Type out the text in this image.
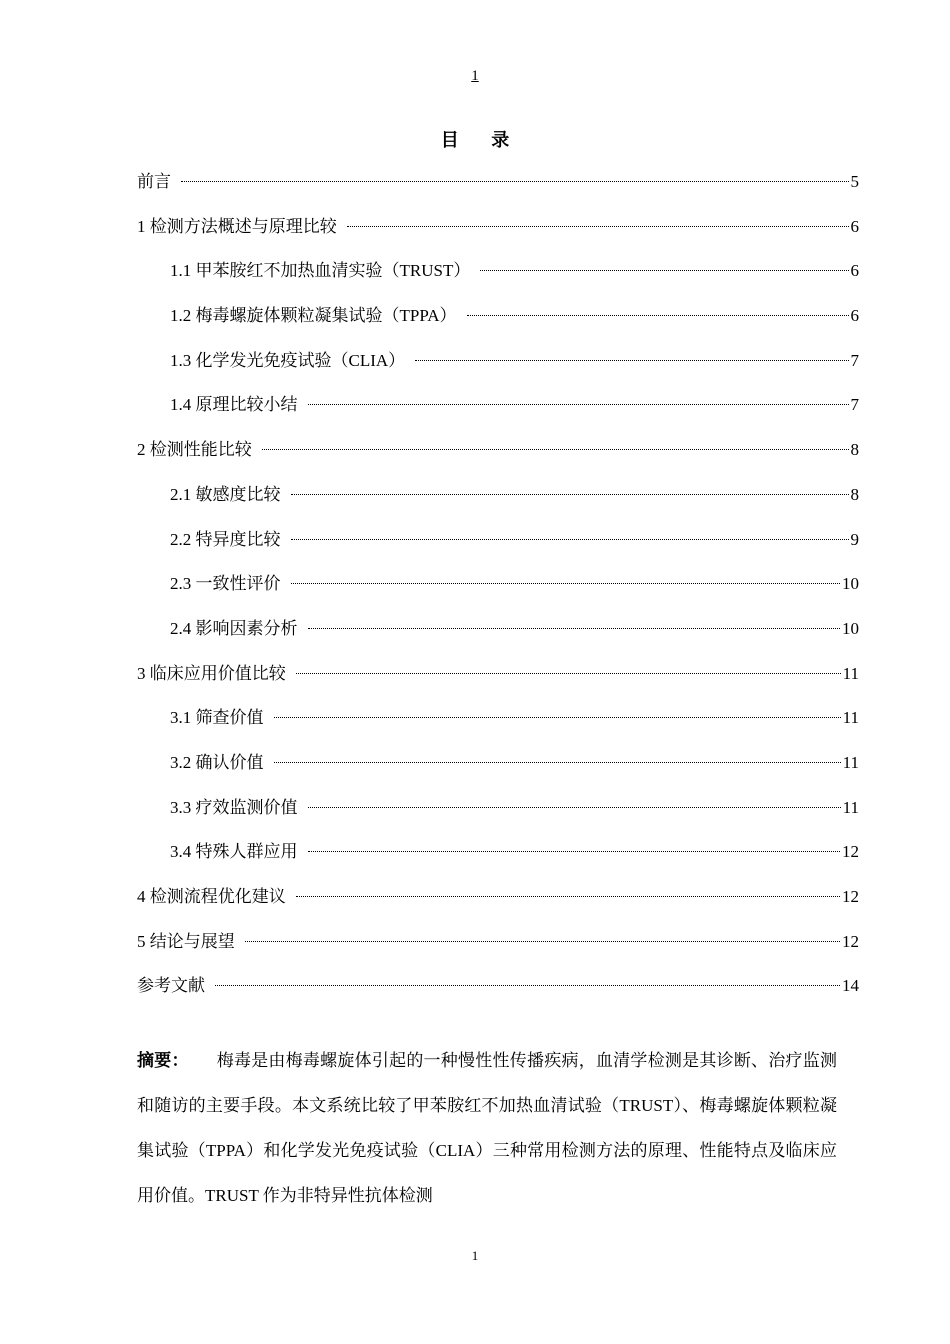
1
目 录
前言	5
1 检测方法概述与原理比较	6
1.1 甲苯胺红不加热血清实验（TRUST）	6
1.2 梅毒螺旋体颗粒凝集试验（TPPA）	6
1.3 化学发光免疫试验（CLIA）	7
1.4 原理比较小结	7
2 检测性能比较	8
2.1 敏感度比较	8
2.2 特异度比较	9
2.3 一致性评价	10
2.4 影响因素分析	10
3 临床应用价值比较	11
3.1 筛查价值	11
3.2 确认价值	11
3.3 疗效监测价值	11
3.4 特殊人群应用	12
4 检测流程优化建议	12
5 结论与展望	12
参考文献	14
摘要： 梅毒是由梅毒螺旋体引起的一种慢性性传播疾病，血清学检测是其诊断、治疗监测和随访的主要手段。本文系统比较了甲苯胺红不加热血清试验（TRUST）、梅毒螺旋体颗粒凝集试验（TPPA）和化学发光免疫试验（CLIA）三种常用检测方法的原理、性能特点及临床应用价值。TRUST 作为非特异性抗体检测
1
